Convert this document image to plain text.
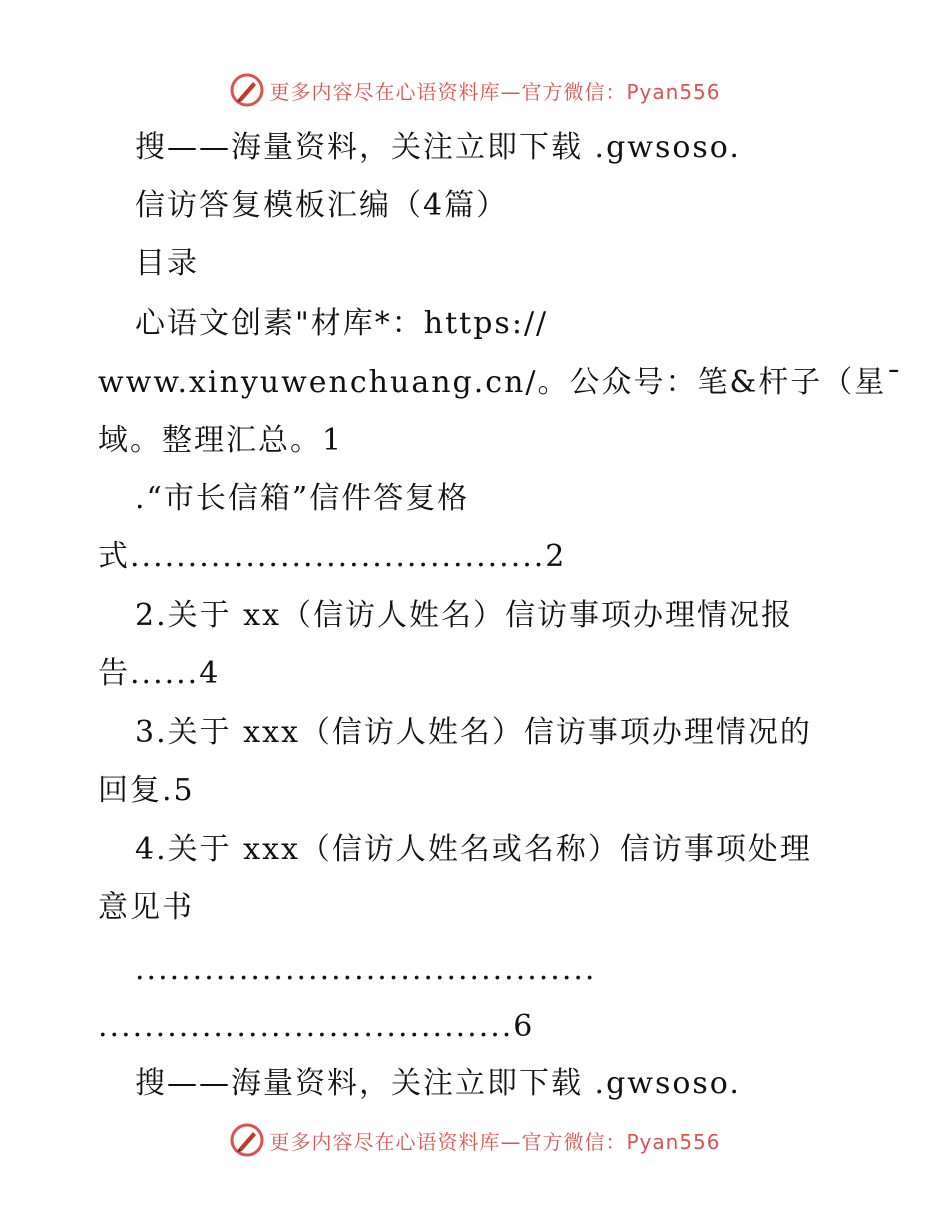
更多内容尽在心语资料库—官方微信：Pyan556
搜——海量资料，关注立即下载 .gwsoso.
信访答复模板汇编（4篇）
目录
心语文创素"材库*：https://
www.xinyuwenchuang.cn/。公众号：笔&杆子（星¯
域。整理汇总。1
.“市长信箱”信件答复格
式....................................2
2.关于 xx（信访人姓名）信访事项办理情况报
告......4
3.关于 xxx（信访人姓名）信访事项办理情况的
回复.5
4.关于 xxx（信访人姓名或名称）信访事项处理
意见书
........................................
....................................6
搜——海量资料，关注立即下载 .gwsoso.
更多内容尽在心语资料库—官方微信：Pyan556
